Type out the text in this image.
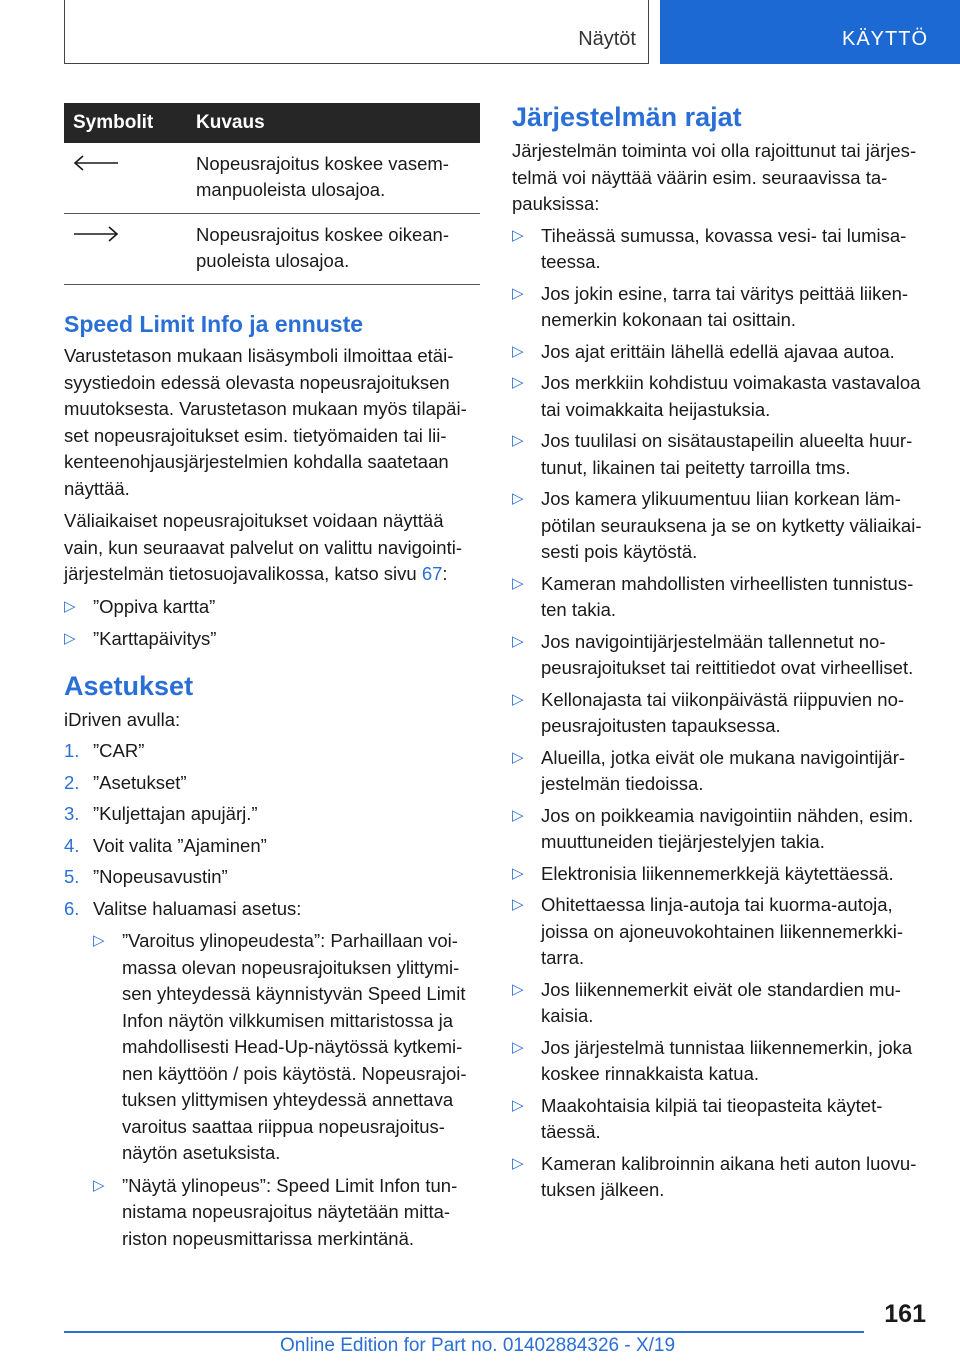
Näytöt	KÄYTTÖ
Symbolit	Kuvaus

	Nopeusrajoitus koskee vasemmanpuoleista ulosajoa.

	Nopeusrajoitus koskee oikeanpuoleista ulosajoa.
Speed Limit Info ja ennuste

Varustetason mukaan lisäsymboli ilmoittaa etäisyystiedoin edessä olevasta nopeusrajoituksen muutoksesta. Varustetason mukaan myös tilapäiset nopeusrajoitukset esim. tietyömaiden tai liikenteenohjausjärjestelmien kohdalla saatetaan näyttää.

Väliaikaiset nopeusrajoitukset voidaan näyttää vain, kun seuraavat palvelut on valittu navigointijärjestelmän tietosuojavalikossa, katso sivu 67:

▷ ”Oppiva kartta”
▷ ”Karttapäivitys”
Asetukset

iDriven avulla:

1. ”CAR”
2. ”Asetukset”
3. ”Kuljettajan apujärj.”
4. Voit valita ”Ajaminen”
5. ”Nopeusavustin”
6. Valitse haluamasi asetus:
▷ ”Varoitus ylinopeudesta”: Parhaillaan voimassa olevan nopeusrajoituksen ylittymisen yhteydessä käynnistyvän Speed Limit Infon näytön vilkkumisen mittaristossa ja mahdollisesti Head-Up-näytössä kytkeminen käyttöön / pois käytöstä. Nopeusrajoituksen ylittymisen yhteydessä annettava varoitus saattaa riippua nopeusrajoitusnäytön asetuksista.
▷ ”Näytä ylinopeus”: Speed Limit Infon tunnistama nopeusrajoitus näytetään mittariston nopeusmittarissa merkintänä.
Järjestelmän rajat

Järjestelmän toiminta voi olla rajoittunut tai järjestelmä voi näyttää väärin esim. seuraavissa tapauksissa:

▷ Tiheässä sumussa, kovassa vesi- tai lumisateessa.
▷ Jos jokin esine, tarra tai väritys peittää liikennemerkin kokonaan tai osittain.
▷ Jos ajat erittäin lähellä edellä ajavaa autoa.
▷ Jos merkkiin kohdistuu voimakasta vastavaloa tai voimakkaita heijastuksia.
▷ Jos tuulilasi on sisätaustapeilin alueelta huurtunut, likainen tai peitetty tarroilla tms.
▷ Jos kamera ylikuumentuu liian korkean lämpötilan seurauksena ja se on kytketty väliaikaisesti pois käytöstä.
▷ Kameran mahdollisten virheellisten tunnistusten takia.
▷ Jos navigointijärjestelmään tallennetut nopeusrajoitukset tai reittitiedot ovat virheelliset.
▷ Kellonajasta tai viikonpäivästä riippuvien nopeusrajoitusten tapauksessa.
▷ Alueilla, jotka eivät ole mukana navigointijärjestelmän tiedoissa.
▷ Jos on poikkeamia navigointiin nähden, esim. muuttuneiden tiejärjestelyjen takia.
▷ Elektronisia liikennemerkkejä käytettäessä.
▷ Ohitettaessa linja-autoja tai kuorma-autoja, joissa on ajoneuvokohtainen liikennemerkkitarra.
▷ Jos liikennemerkit eivät ole standardien mukaisia.
▷ Jos järjestelmä tunnistaa liikennemerkin, joka koskee rinnakkaista katua.
▷ Maakohtaisia kilpiä tai tieopasteita käytettäessä.
▷ Kameran kalibroinnin aikana heti auton luovutuksen jälkeen.
161
Online Edition for Part no. 01402884326 - X/19
